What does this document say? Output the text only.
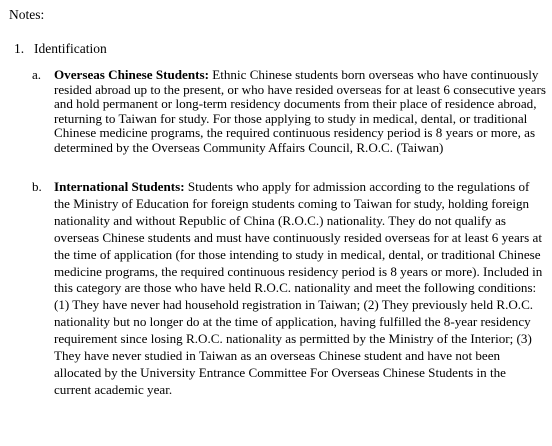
Notes:

1. Identification
a. Overseas Chinese Students: Ethnic Chinese students born overseas who have continuously resided abroad up to the present, or who have resided overseas for at least 6 consecutive years and hold permanent or long-term residency documents from their place of residence abroad, returning to Taiwan for study. For those applying to study in medical, dental, or traditional Chinese medicine programs, the required continuous residency period is 8 years or more, as determined by the Overseas Community Affairs Council, R.O.C. (Taiwan)
b. International Students: Students who apply for admission according to the regulations of the Ministry of Education for foreign students coming to Taiwan for study, holding foreign nationality and without Republic of China (R.O.C.) nationality. They do not qualify as overseas Chinese students and must have continuously resided overseas for at least 6 years at the time of application (for those intending to study in medical, dental, or traditional Chinese medicine programs, the required continuous residency period is 8 years or more). Included in this category are those who have held R.O.C. nationality and meet the following conditions: (1) They have never had household registration in Taiwan; (2) They previously held R.O.C. nationality but no longer do at the time of application, having fulfilled the 8-year residency requirement since losing R.O.C. nationality as permitted by the Ministry of the Interior; (3) They have never studied in Taiwan as an overseas Chinese student and have not been allocated by the University Entrance Committee For Overseas Chinese Students in the current academic year.
